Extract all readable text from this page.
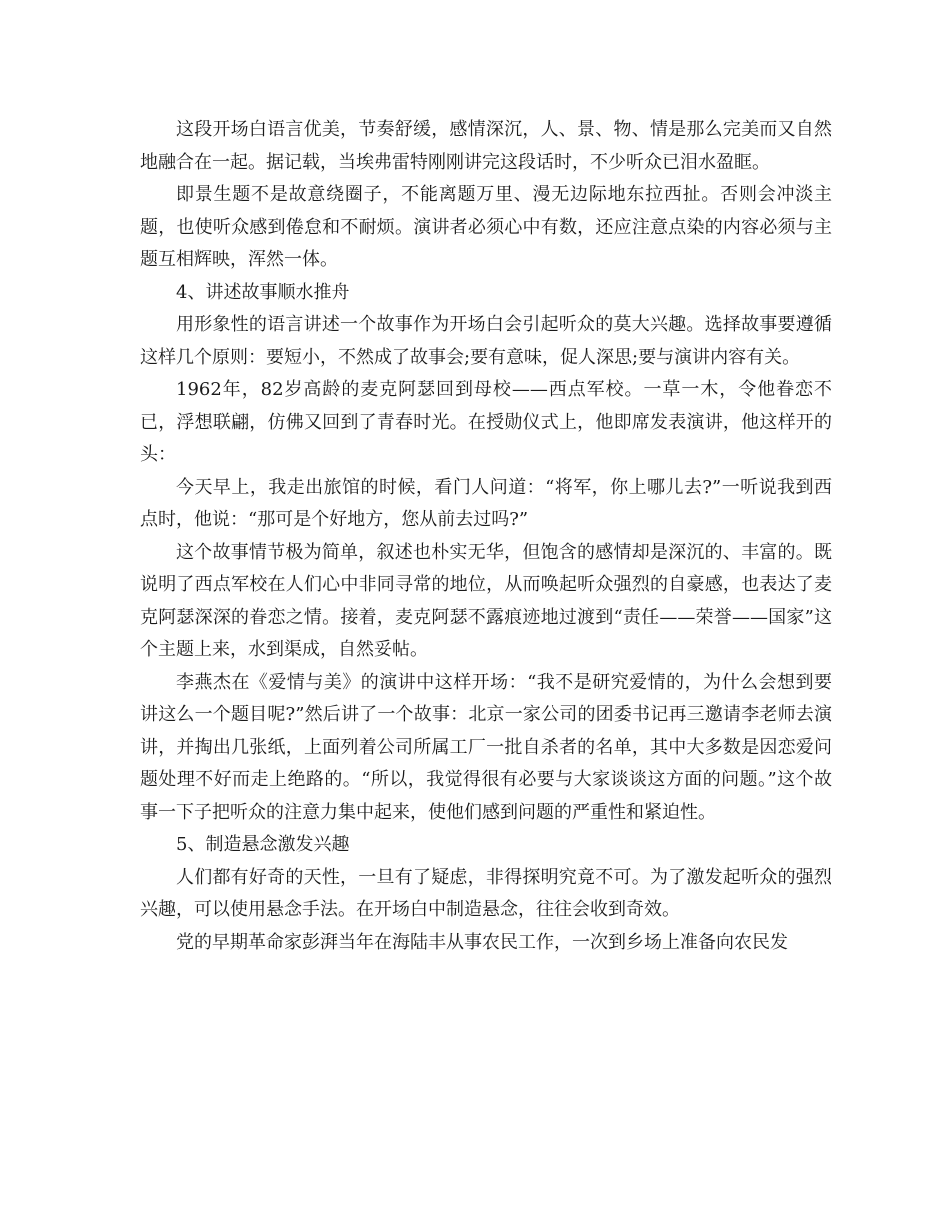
这段开场白语言优美，节奏舒缓，感情深沉，人、景、物、情是那么完美而又自然地融合在一起。据记载，当埃弗雷特刚刚讲完这段话时，不少听众已泪水盈眶。

即景生题不是故意绕圈子，不能离题万里、漫无边际地东拉西扯。否则会冲淡主题，也使听众感到倦怠和不耐烦。演讲者必须心中有数，还应注意点染的内容必须与主题互相辉映，浑然一体。

4、讲述故事顺水推舟

用形象性的语言讲述一个故事作为开场白会引起听众的莫大兴趣。选择故事要遵循这样几个原则：要短小，不然成了故事会;要有意味，促人深思;要与演讲内容有关。

1962年，82岁高龄的麦克阿瑟回到母校——西点军校。一草一木，令他眷恋不已，浮想联翩，仿佛又回到了青春时光。在授勋仪式上，他即席发表演讲，他这样开的头：

今天早上，我走出旅馆的时候，看门人问道：“将军，你上哪儿去?”一听说我到西点时，他说：“那可是个好地方，您从前去过吗?”

这个故事情节极为简单，叙述也朴实无华，但饱含的感情却是深沉的、丰富的。既说明了西点军校在人们心中非同寻常的地位，从而唤起听众强烈的自豪感，也表达了麦克阿瑟深深的眷恋之情。接着，麦克阿瑟不露痕迹地过渡到“责任——荣誉——国家”这个主题上来，水到渠成，自然妥帖。

李燕杰在《爱情与美》的演讲中这样开场：“我不是研究爱情的，为什么会想到要讲这么一个题目呢?”然后讲了一个故事：北京一家公司的团委书记再三邀请李老师去演讲，并掏出几张纸，上面列着公司所属工厂一批自杀者的名单，其中大多数是因恋爱问题处理不好而走上绝路的。“所以，我觉得很有必要与大家谈谈这方面的问题。”这个故事一下子把听众的注意力集中起来，使他们感到问题的严重性和紧迫性。

5、制造悬念激发兴趣

人们都有好奇的天性，一旦有了疑虑，非得探明究竟不可。为了激发起听众的强烈兴趣，可以使用悬念手法。在开场白中制造悬念，往往会收到奇效。

党的早期革命家彭湃当年在海陆丰从事农民工作，一次到乡场上准备向农民发
